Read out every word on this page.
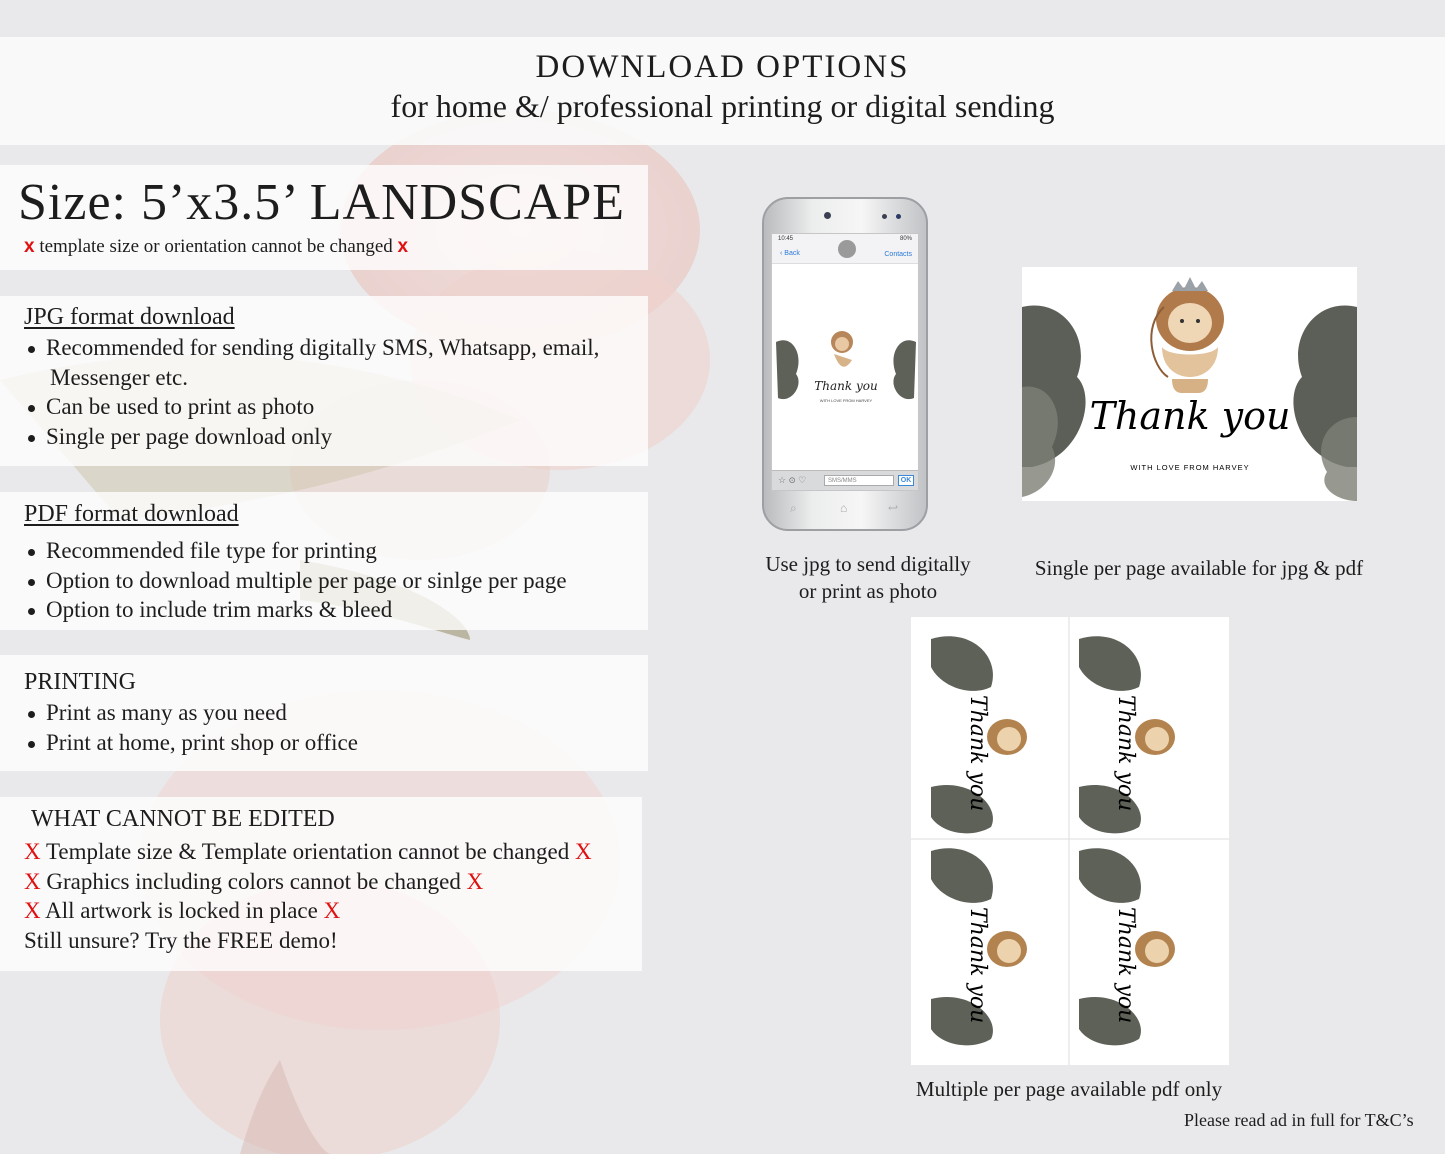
DOWNLOAD OPTIONS
for home &/ professional printing or digital sending
Size: 5’x3.5’ LANDSCAPE
x template size or orientation cannot be changed x
JPG format download
Recommended for sending digitally SMS, Whatsapp, email,
Messenger etc.
Can be used to print as photo
Single per page download only
PDF format download
Recommended file type for printing
Option to download multiple per page or sinlge per page
Option to include trim marks & bleed
PRINTING
Print as many as you need
Print at home, print shop or office
WHAT CANNOT BE EDITED
X Template size & Template orientation cannot be changed X
X Graphics including colors cannot be changed X
X All artwork is locked in place X
Still unsure? Try the FREE demo!
10:45	80%
‹ Back	Contacts
Thank you
WITH LOVE FROM HARVEY
☆ ⊙ ♡	SMS/MMS	OK
⌕	⌂	↩
Use jpg to send digitally
or print as photo
Thank you
WITH LOVE FROM HARVEY
Single per page available for jpg & pdf
Thank you	Thank you
Thank you	Thank you
Multiple per page available pdf only
Please read ad in full for T&C’s
